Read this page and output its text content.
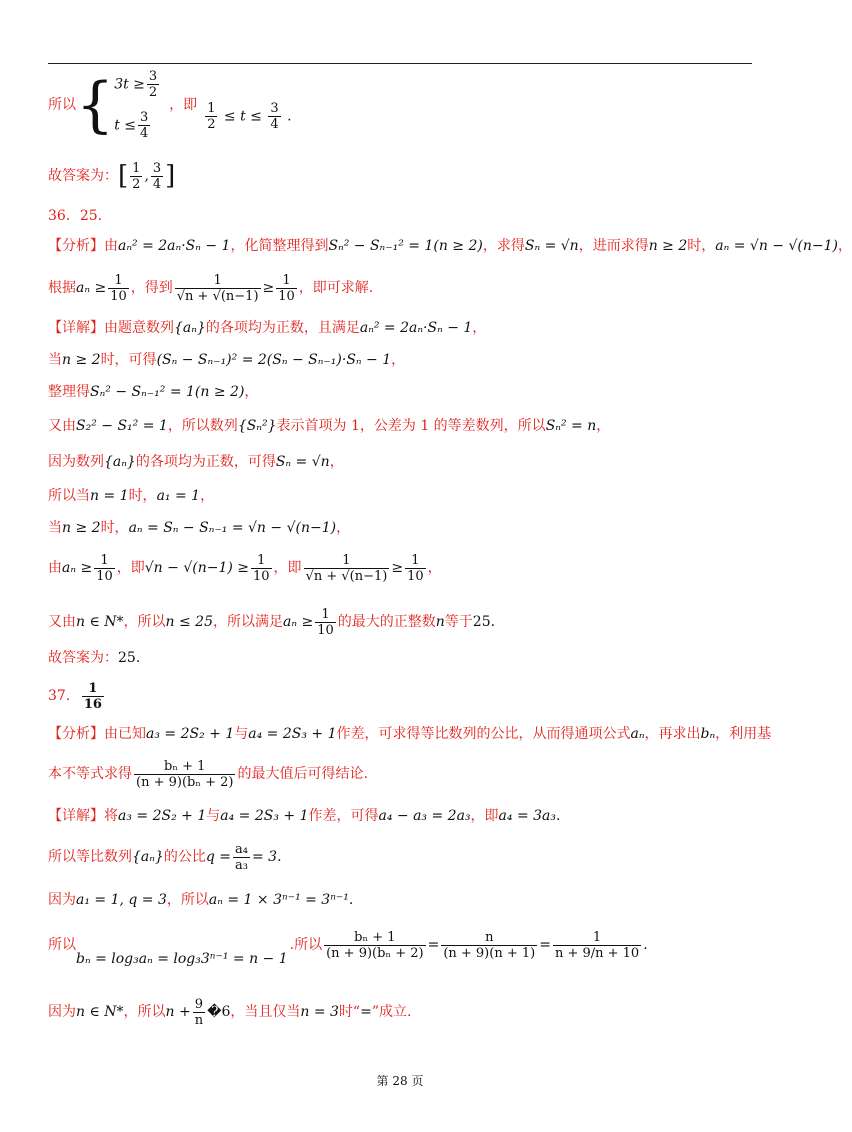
所以 { $3t \ge \frac{3}{2}$
$t \le \frac{3}{4}$
，即 $\frac{1}{2} \le t \le \frac{3}{4}$ .
故答案为： [ $\frac{1}{2}$ , $\frac{3}{4}$ ]
36．25．
【分析】由aₙ² = 2aₙ·Sₙ − 1，化简整理得到Sₙ² − Sₙ₋₁² = 1(n ≥ 2)，求得Sₙ = √n，进而求得n ≥ 2时，aₙ = √n − √(n−1)，
根据 $a_n \ge \frac{1}{10}$ ，得到 $\frac{1}{√n + √(n-1)} \ge \frac{1}{10}$ ，即可求解.
【详解】由题意数列{aₙ}的各项均为正数，且满足aₙ² = 2aₙ·Sₙ − 1，
当n ≥ 2时，可得(Sₙ − Sₙ₋₁)² = 2(Sₙ − Sₙ₋₁)·Sₙ − 1，
整理得Sₙ² − Sₙ₋₁² = 1(n ≥ 2)，
又由S₂² − S₁² = 1，所以数列{Sₙ²}表示首项为 1，公差为 1 的等差数列，所以Sₙ² = n，
因为数列{aₙ}的各项均为正数，可得Sₙ = √n，
所以当n = 1时，a₁ = 1，
当n ≥ 2时，aₙ = Sₙ − Sₙ₋₁ = √n − √(n−1)，
由 $a_n \ge \frac{1}{10}$ ，即 $√n - √(n-1) \ge \frac{1}{10}$ ，即 $\frac{1}{√n + √(n-1)} \ge \frac{1}{10}$ ，
又由 n ∈ N* ，所以 n ≤ 25 ，所以满足 $a_n \ge \frac{1}{10}$ 的最大的正整数 n 等于 25 .
故答案为：25.
37． $\frac{1}{16}$
【分析】由已知a₃ = 2S₂ + 1与a₄ = 2S₃ + 1作差，可求得等比数列的公比，从而得通项公式aₙ，再求出bₙ，利用基
本不等式求得 $\frac{\text{bₙ + 1}}{\text{(n + 9)(bₙ + 2)}}$ 的最大值后可得结论.
【详解】将a₃ = 2S₂ + 1与a₄ = 2S₃ + 1作差，可得a₄ − a₃ = 2a₃，即a₄ = 3a₃.
所以等比数列 {aₙ} 的公比 $q = \frac{\text{a₄}}{\text{a₃}} = 3$ .
因为a₁ = 1, q = 3，所以aₙ = 1 × 3ⁿ⁻¹ = 3ⁿ⁻¹.
所以
bₙ = log₃aₙ = log₃3ⁿ⁻¹ = n − 1
.所以 $\frac{\text{bₙ + 1}}{\text{(n + 9)(bₙ + 2)}} = \frac{n}{(n + 9)(n + 1)} = \frac{1}{n + 9/n + 10}$ .
因为 n ∈ N* ，所以 $n + \frac{9}{n}$ �6 ，当且仅当 n = 3 时“ = ”成立.
第 28 页
